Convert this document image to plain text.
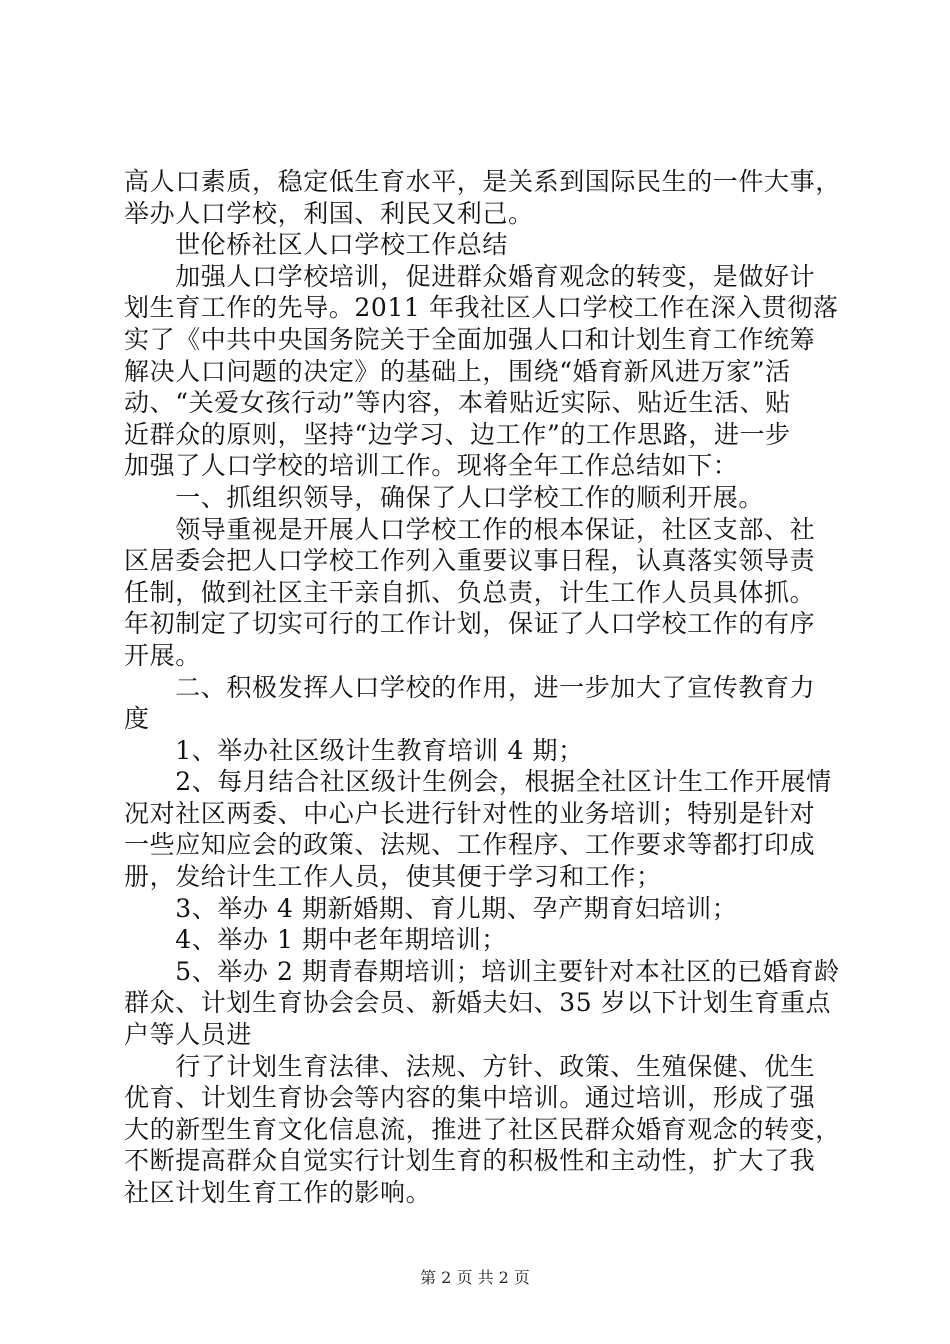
高人口素质，稳定低生育水平，是关系到国际民生的一件大事，
举办人口学校，利国、利民又利己。
　　世伦桥社区人口学校工作总结
　　加强人口学校培训，促进群众婚育观念的转变，是做好计
划生育工作的先导。2011 年我社区人口学校工作在深入贯彻落
实了《中共中央国务院关于全面加强人口和计划生育工作统筹
解决人口问题的决定》的基础上，围绕“婚育新风进万家”活
动、“关爱女孩行动”等内容，本着贴近实际、贴近生活、贴
近群众的原则，坚持“边学习、边工作”的工作思路，进一步
加强了人口学校的培训工作。现将全年工作总结如下：
　　一、抓组织领导，确保了人口学校工作的顺利开展。
　　领导重视是开展人口学校工作的根本保证，社区支部、社
区居委会把人口学校工作列入重要议事日程，认真落实领导责
任制，做到社区主干亲自抓、负总责，计生工作人员具体抓。
年初制定了切实可行的工作计划，保证了人口学校工作的有序
开展。
　　二、积极发挥人口学校的作用，进一步加大了宣传教育力
度
　　1、举办社区级计生教育培训 4 期；
　　2、每月结合社区级计生例会，根据全社区计生工作开展情
况对社区两委、中心户长进行针对性的业务培训；特别是针对
一些应知应会的政策、法规、工作程序、工作要求等都打印成
册，发给计生工作人员，使其便于学习和工作；
　　3、举办 4 期新婚期、育儿期、孕产期育妇培训；
　　4、举办 1 期中老年期培训；
　　5、举办 2 期青春期培训；培训主要针对本社区的已婚育龄
群众、计划生育协会会员、新婚夫妇、35 岁以下计划生育重点
户等人员进
　　行了计划生育法律、法规、方针、政策、生殖保健、优生
优育、计划生育协会等内容的集中培训。通过培训，形成了强
大的新型生育文化信息流，推进了社区民群众婚育观念的转变，
不断提高群众自觉实行计划生育的积极性和主动性，扩大了我
社区计划生育工作的影响。
第 2 页 共 2 页
